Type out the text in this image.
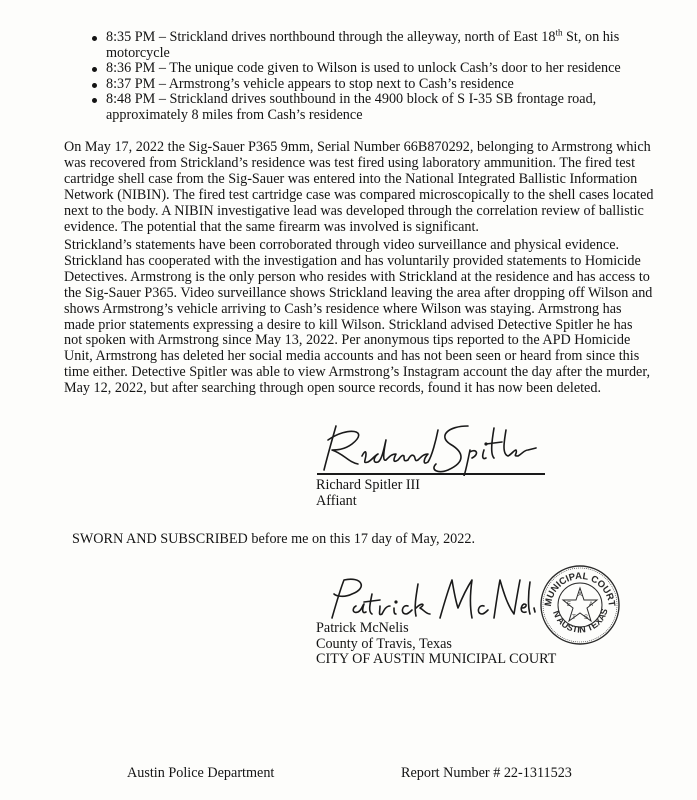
8:35 PM – Strickland drives northbound through the alleyway, north of East 18th St, on his motorcycle
8:36 PM – The unique code given to Wilson is used to unlock Cash’s door to her residence
8:37 PM – Armstrong’s vehicle appears to stop next to Cash’s residence
8:48 PM – Strickland drives southbound in the 4900 block of S I-35 SB frontage road, approximately 8 miles from Cash’s residence

On May 17, 2022 the Sig-Sauer P365 9mm, Serial Number 66B870292, belonging to Armstrong which was recovered from Strickland’s residence was test fired using laboratory ammunition. The fired test cartridge shell case from the Sig-Sauer was entered into the National Integrated Ballistic Information Network (NIBIN). The fired test cartridge case was compared microscopically to the shell cases located next to the body. A NIBIN investigative lead was developed through the correlation review of ballistic evidence. The potential that the same firearm was involved is significant.

Strickland’s statements have been corroborated through video surveillance and physical evidence. Strickland has cooperated with the investigation and has voluntarily provided statements to Homicide Detectives. Armstrong is the only person who resides with Strickland at the residence and has access to the Sig-Sauer P365. Video surveillance shows Strickland leaving the area after dropping off Wilson and shows Armstrong’s vehicle arriving to Cash’s residence where Wilson was staying. Armstrong has made prior statements expressing a desire to kill Wilson. Strickland advised Detective Spitler he has not spoken with Armstrong since May 13, 2022. Per anonymous tips reported to the APD Homicide Unit, Armstrong has deleted her social media accounts and has not been seen or heard from since this time either. Detective Spitler was able to view Armstrong’s Instagram account the day after the murder, May 12, 2022, but after searching through open source records, found it has now been deleted.

Richard Spitler III
Affiant
SWORN AND SUBSCRIBED before me on this 17 day of May, 2022.
MUNICIPAL COURT
N AUSTIN TEXAS
E
X
A
S
T
Patrick McNelis
County of Travis, Texas
CITY OF AUSTIN MUNICIPAL COURT
Austin Police Department	Report Number # 22-1311523
